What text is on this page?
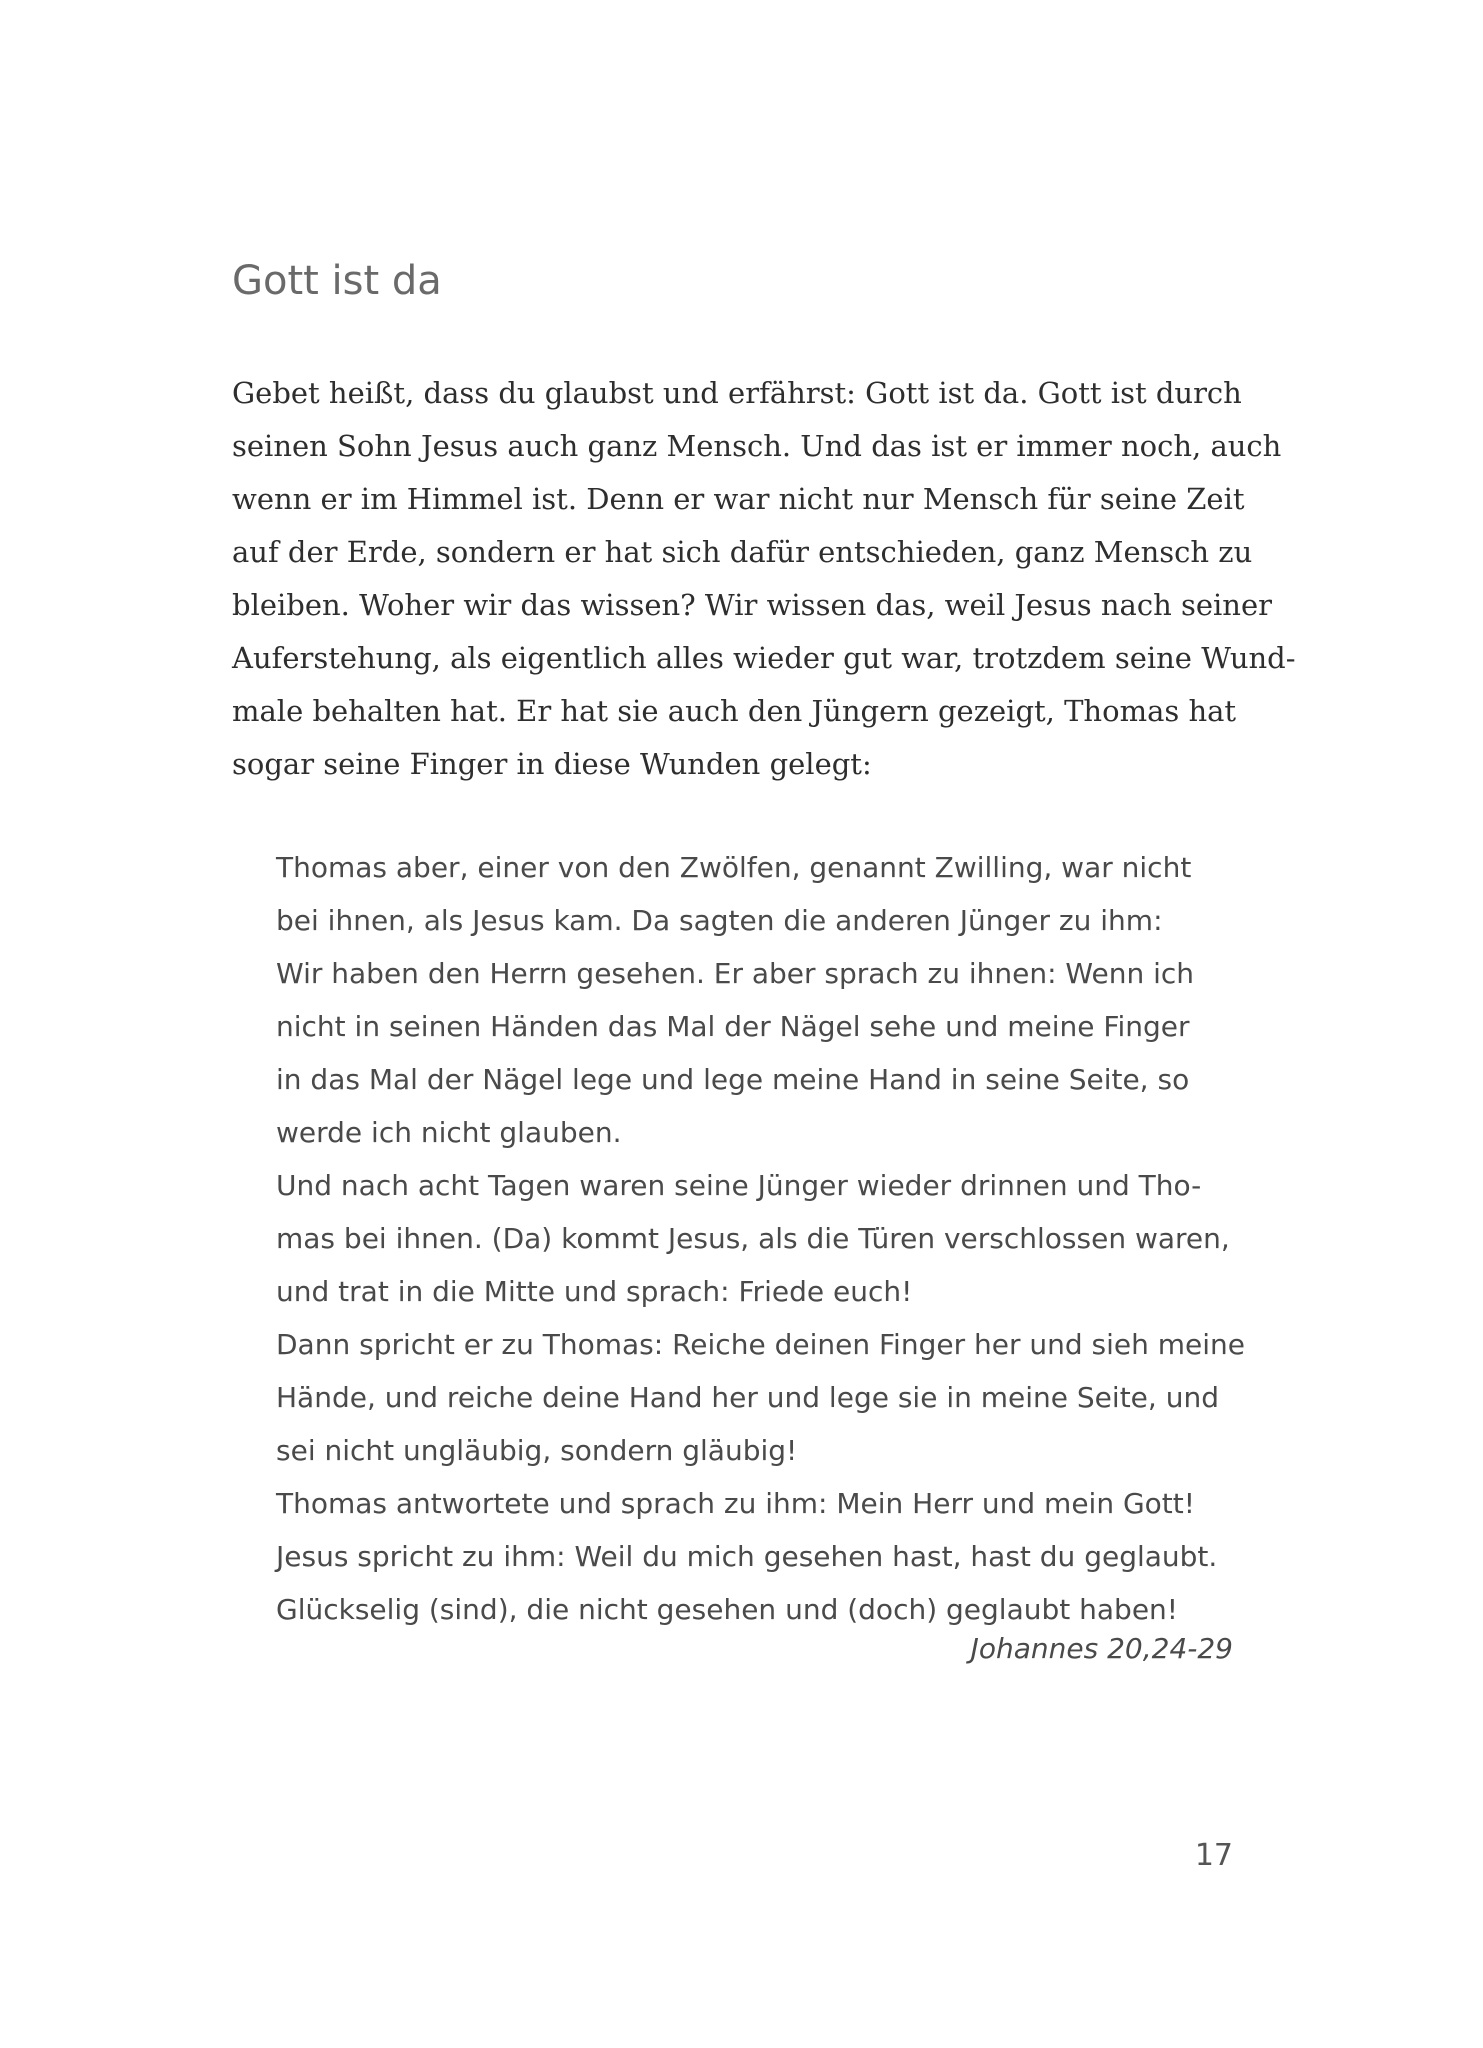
Gott ist da
Gebet heißt, dass du glaubst und erfährst: Gott ist da. Gott ist durch
seinen Sohn Jesus auch ganz Mensch. Und das ist er immer noch, auch
wenn er im Himmel ist. Denn er war nicht nur Mensch für seine Zeit
auf der Erde, sondern er hat sich dafür entschieden, ganz Mensch zu
bleiben. Woher wir das wissen? Wir wissen das, weil Jesus nach seiner
Auferstehung, als eigentlich alles wieder gut war, trotzdem seine Wund-
male behalten hat. Er hat sie auch den Jüngern gezeigt, Thomas hat
sogar seine Finger in diese Wunden gelegt:
Thomas aber, einer von den Zwölfen, genannt Zwilling, war nicht
bei ihnen, als Jesus kam. Da sagten die anderen Jünger zu ihm:
Wir haben den Herrn gesehen. Er aber sprach zu ihnen: Wenn ich
nicht in seinen Händen das Mal der Nägel sehe und meine Finger
in das Mal der Nägel lege und lege meine Hand in seine Seite, so
werde ich nicht glauben.
Und nach acht Tagen waren seine Jünger wieder drinnen und Tho-
mas bei ihnen. (Da) kommt Jesus, als die Türen verschlossen waren,
und trat in die Mitte und sprach: Friede euch!
Dann spricht er zu Thomas: Reiche deinen Finger her und sieh meine
Hände, und reiche deine Hand her und lege sie in meine Seite, und
sei nicht ungläubig, sondern gläubig!
Thomas antwortete und sprach zu ihm: Mein Herr und mein Gott!
Jesus spricht zu ihm: Weil du mich gesehen hast, hast du geglaubt.
Glückselig (sind), die nicht gesehen und (doch) geglaubt haben!
Johannes 20,24-29
17
